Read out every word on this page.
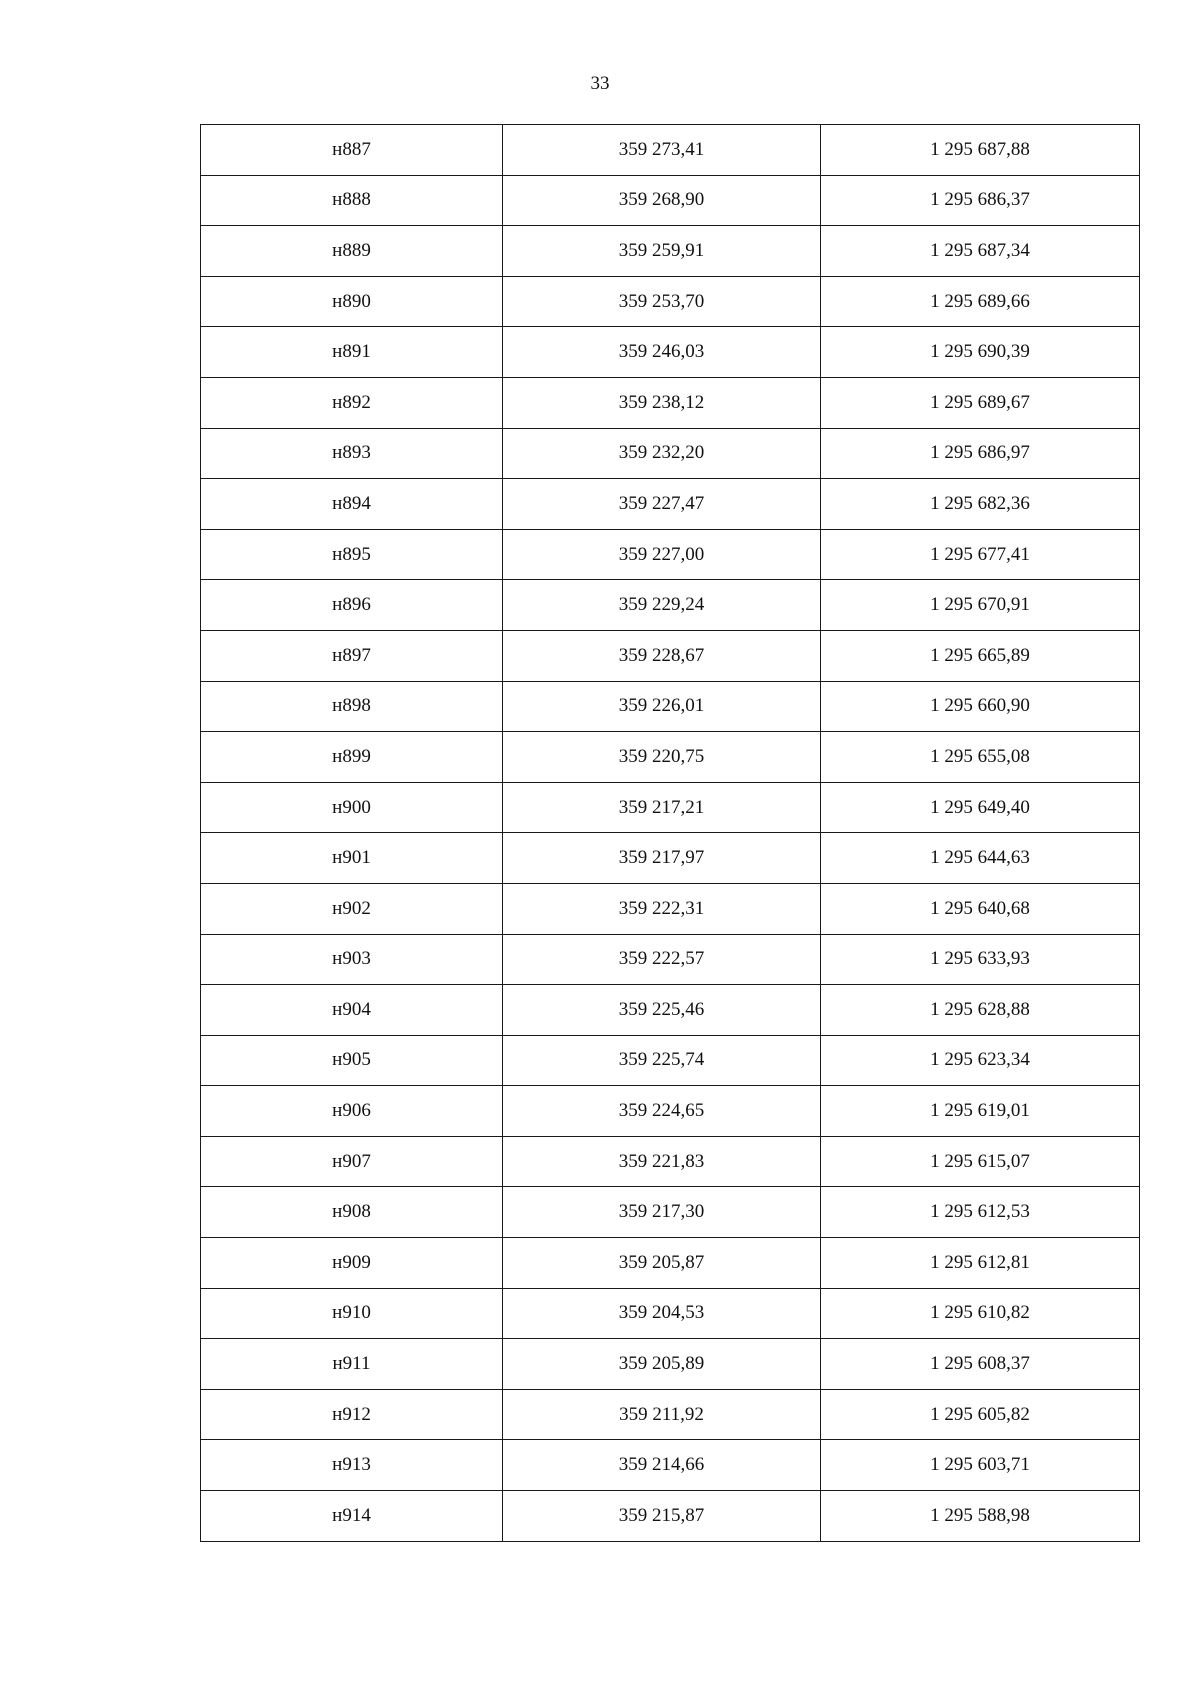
33
н887	359 273,41	1 295 687,88
н888	359 268,90	1 295 686,37
н889	359 259,91	1 295 687,34
н890	359 253,70	1 295 689,66
н891	359 246,03	1 295 690,39
н892	359 238,12	1 295 689,67
н893	359 232,20	1 295 686,97
н894	359 227,47	1 295 682,36
н895	359 227,00	1 295 677,41
н896	359 229,24	1 295 670,91
н897	359 228,67	1 295 665,89
н898	359 226,01	1 295 660,90
н899	359 220,75	1 295 655,08
н900	359 217,21	1 295 649,40
н901	359 217,97	1 295 644,63
н902	359 222,31	1 295 640,68
н903	359 222,57	1 295 633,93
н904	359 225,46	1 295 628,88
н905	359 225,74	1 295 623,34
н906	359 224,65	1 295 619,01
н907	359 221,83	1 295 615,07
н908	359 217,30	1 295 612,53
н909	359 205,87	1 295 612,81
н910	359 204,53	1 295 610,82
н911	359 205,89	1 295 608,37
н912	359 211,92	1 295 605,82
н913	359 214,66	1 295 603,71
н914	359 215,87	1 295 588,98
